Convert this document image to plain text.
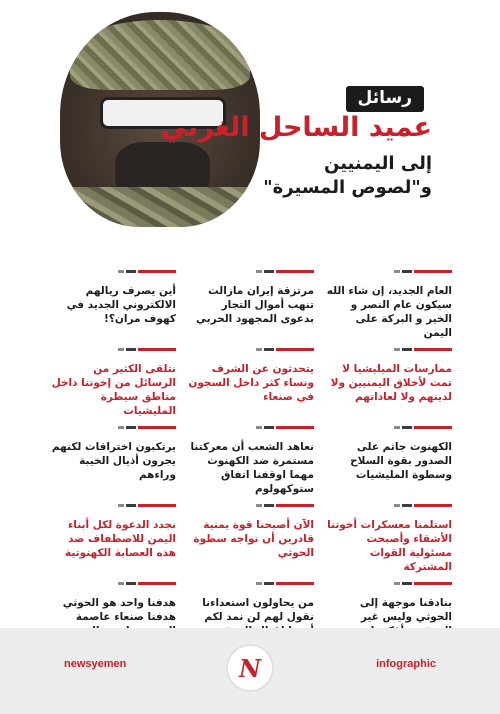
رسائل
عميد الساحل الغربي
إلى اليمنيين
و"لصوص المسيرة"
العام الجديد، إن شاء الله سيكون عام النصر و الخير و البركة على اليمن
مرتزقة إيران مازالت تنهب أموال التجار بدعوى المجهود الحربي
أين يصرف ريالهم الالكتروني الجديد في كهوف مران؟!
ممارسات الميليشيا لا تمت لأخلاق اليمنيين ولا لدينهم ولا لعاداتهم
يتحدثون عن الشرف ونساء كثر داخل السجون في صنعاء
نتلقى الكثير من الرسائل من إخوتنا داخل مناطق سيطرة المليشيات
الكهنوت جاثم على الصدور بقوة السلاح وسطوة المليشيات
نعاهد الشعب أن معركتنا مستمرة ضد الكهنوت مهما اوقفنا اتفاق ستوكهولوم
يرتكبون اختراقات لكنهم يجرون أذيال الخيبة وراءهم
استلمنا معسكرات أخوتنا الأشقاء وأصبحت مسئولية القوات المشتركة
الآن أصبحنا قوة يمنية قادرين أن نواجه سطوة الحوثي
نجدد الدعوة لكل أبناء اليمن للاصطفاف ضد هذه العصابة الكهنوتية
بنادقنا موجهة إلى الحوثي وليس غير
من يحاولون استعداءنا نقول لهم لن نمد لكم
هدفنا واحد هو الحوثي هدفنا صنعاء عاصمة
newsyemen	N	infographic
